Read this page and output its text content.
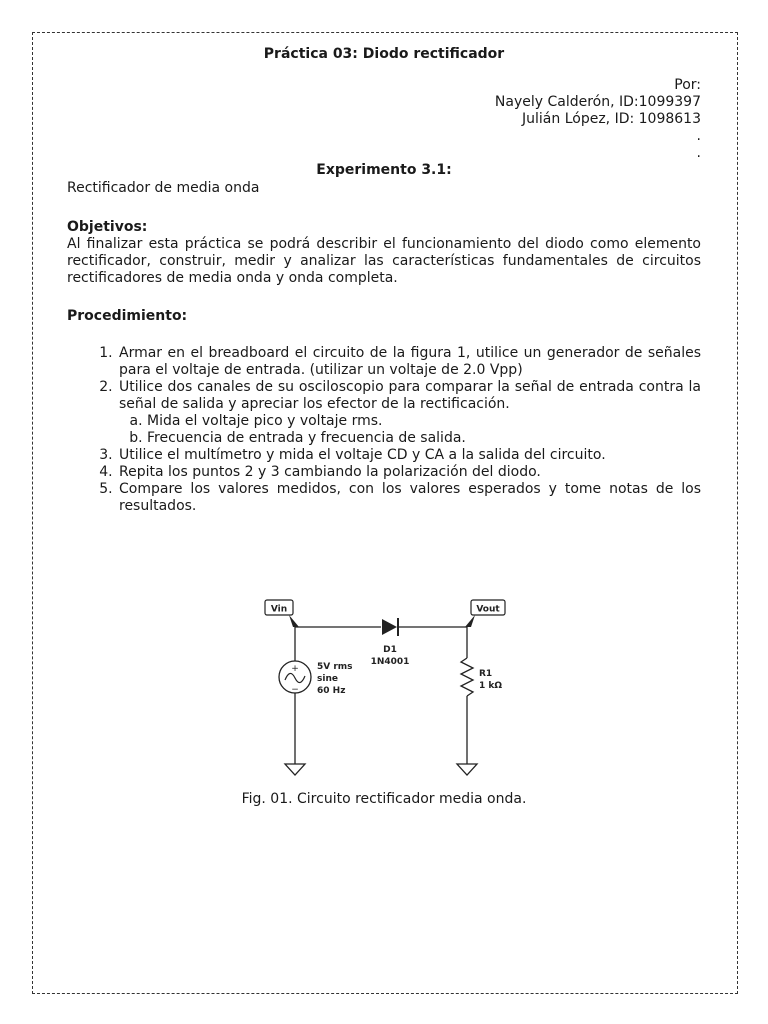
Práctica 03: Diodo rectificador
Por:
Nayely Calderón, ID:1099397
Julián López, ID: 1098613
.
.
Experimento 3.1:
Rectificador de media onda
Objetivos:
Al finalizar esta práctica se podrá describir el funcionamiento del diodo como elemento rectificador, construir, medir y analizar las características fundamentales de circuitos rectificadores de media onda y onda completa.
Procedimiento:
1. Armar en el breadboard el circuito de la figura 1, utilice un generador de señales para el voltaje de entrada. (utilizar un voltaje de 2.0 Vpp)
2. Utilice dos canales de su osciloscopio para comparar la señal de entrada contra la señal de salida y apreciar los efector de la rectificación.
a. Mida el voltaje pico y voltaje rms.
b. Frecuencia de entrada y frecuencia de salida.
3. Utilice el multímetro y mida el voltaje CD y CA a la salida del circuito.
4. Repita los puntos 2 y 3 cambiando la polarización del diodo.
5. Compare los valores medidos, con los valores esperados y tome notas de los resultados.
Vin	Vout
D1
1N4001
+
−
5V rms
sine
60 Hz
R1
1 kΩ
Fig. 01. Circuito rectificador media onda.
